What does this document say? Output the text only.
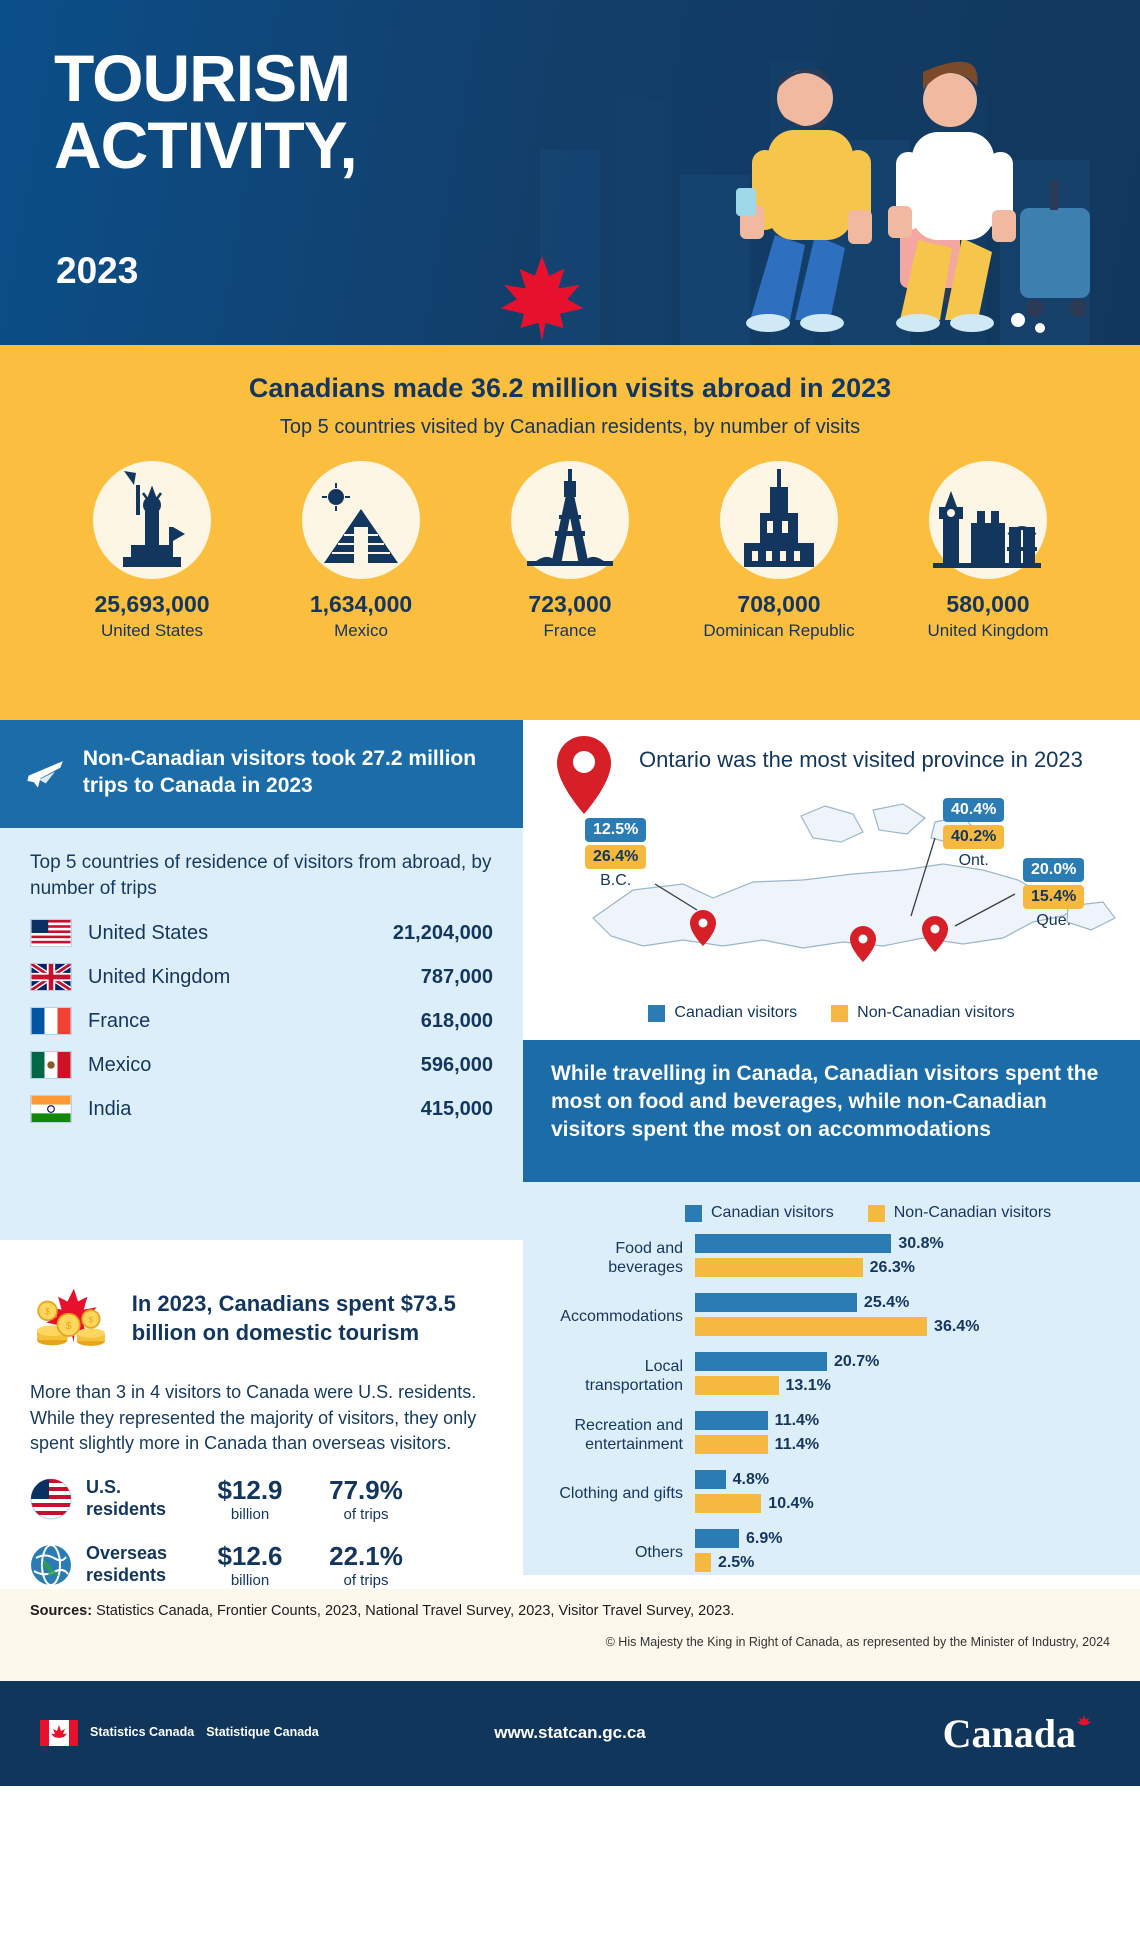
TOURISM
ACTIVITY,
2023
Canadians made 36.2 million visits abroad in 2023
Top 5 countries visited by Canadian residents, by number of visits
25,693,000
United States
1,634,000
Mexico
723,000
France
708,000
Dominican Republic
580,000
United Kingdom
Non-Canadian visitors took 27.2 million trips to Canada in 2023
Top 5 countries of residence of visitors from abroad, by number of trips
United States	21,204,000
United Kingdom	787,000
France	618,000
Mexico	596,000
India	415,000
$
$
$
In 2023, Canadians spent $73.5 billion on domestic tourism
More than 3 in 4 visitors to Canada were U.S. residents. While they represented the majority of visitors, they only spent slightly more in Canada than overseas visitors.
U.S. residents
$12.9
billion
77.9%
of trips
Overseas residents
$12.6
billion
22.1%
of trips
Ontario was the most visited province in 2023
12.5%
26.4%
B.C.
40.4%
40.2%
Ont.
20.0%
15.4%
Que.
Canadian visitors	Non-Canadian visitors
While travelling in Canada, Canadian visitors spent the most on food and beverages, while non-Canadian visitors spent the most on accommodations
Canadian visitors	Non-Canadian visitors
Food and beverages
30.8%
26.3%
Accommodations
25.4%
36.4%
Local transportation
20.7%
13.1%
Recreation and entertainment
11.4%
11.4%
Clothing and gifts
4.8%
10.4%
Others
6.9%
2.5%
Sources: Statistics Canada, Frontier Counts, 2023, National Travel Survey, 2023, Visitor Travel Survey, 2023.
© His Majesty the King in Right of Canada, as represented by the Minister of Industry, 2024
Statistics Canada Statistique Canada	www.statcan.gc.ca	Canada
